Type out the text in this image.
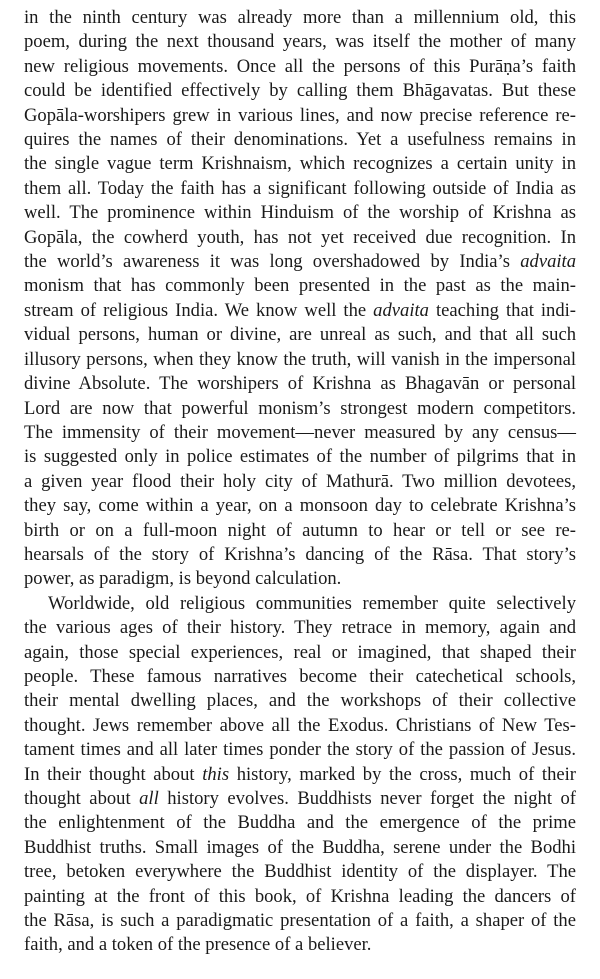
in the ninth century was already more than a millennium old, this
poem, during the next thousand years, was itself the mother of many
new religious movements. Once all the persons of this Purāṇa’s faith
could be identified effectively by calling them Bhāgavatas. But these
Gopāla-worshipers grew in various lines, and now precise reference re-
quires the names of their denominations. Yet a usefulness remains in
the single vague term Krishnaism, which recognizes a certain unity in
them all. Today the faith has a significant following outside of India as
well. The prominence within Hinduism of the worship of Krishna as
Gopāla, the cowherd youth, has not yet received due recognition. In
the world’s awareness it was long overshadowed by India’s advaita
monism that has commonly been presented in the past as the main-
stream of religious India. We know well the advaita teaching that indi-
vidual persons, human or divine, are unreal as such, and that all such
illusory persons, when they know the truth, will vanish in the impersonal
divine Absolute. The worshipers of Krishna as Bhagavān or personal
Lord are now that powerful monism’s strongest modern competitors.
The immensity of their movement—never measured by any census—
is suggested only in police estimates of the number of pilgrims that in
a given year flood their holy city of Mathurā. Two million devotees,
they say, come within a year, on a monsoon day to celebrate Krishna’s
birth or on a full-moon night of autumn to hear or tell or see re-
hearsals of the story of Krishna’s dancing of the Rāsa. That story’s
power, as paradigm, is beyond calculation.

Worldwide, old religious communities remember quite selectively
the various ages of their history. They retrace in memory, again and
again, those special experiences, real or imagined, that shaped their
people. These famous narratives become their catechetical schools,
their mental dwelling places, and the workshops of their collective
thought. Jews remember above all the Exodus. Christians of New Tes-
tament times and all later times ponder the story of the passion of Jesus.
In their thought about this history, marked by the cross, much of their
thought about all history evolves. Buddhists never forget the night of
the enlightenment of the Buddha and the emergence of the prime
Buddhist truths. Small images of the Buddha, serene under the Bodhi
tree, betoken everywhere the Buddhist identity of the displayer. The
painting at the front of this book, of Krishna leading the dancers of
the Rāsa, is such a paradigmatic presentation of a faith, a shaper of the
faith, and a token of the presence of a believer.
